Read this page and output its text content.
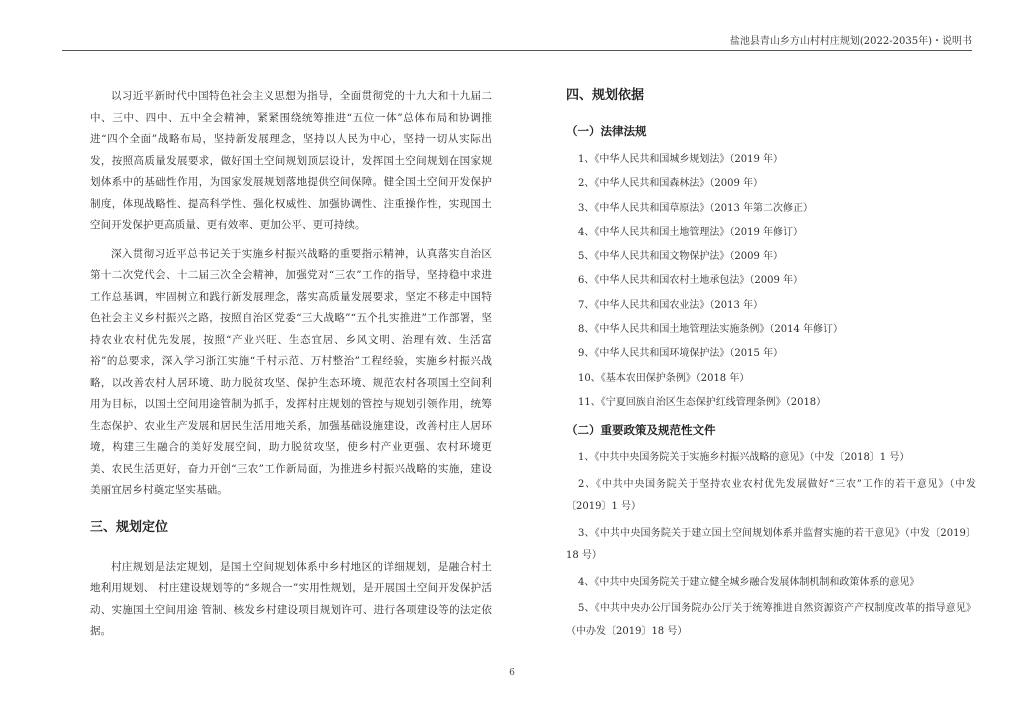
盐池县青山乡方山村村庄规划(2022-2035年)・说明书

以习近平新时代中国特色社会主义思想为指导，全面贯彻党的十九大和十九届二中、三中、四中、五中全会精神，紧紧围绕统筹推进“五位一体”总体布局和协调推进“四个全面”战略布局，坚持新发展理念，坚持以人民为中心，坚持一切从实际出发，按照高质量发展要求，做好国土空间规划顶层设计，发挥国土空间规划在国家规划体系中的基础性作用，为国家发展规划落地提供空间保障。健全国土空间开发保护制度，体现战略性、提高科学性、强化权威性、加强协调性、注重操作性，实现国土空间开发保护更高质量、更有效率、更加公平、更可持续。

深入贯彻习近平总书记关于实施乡村振兴战略的重要指示精神，认真落实自治区第十二次党代会、十二届三次全会精神，加强党对“三农”工作的指导，坚持稳中求进工作总基调，牢固树立和践行新发展理念，落实高质量发展要求，坚定不移走中国特色社会主义乡村振兴之路，按照自治区党委“三大战略”“五个扎实推进”工作部署，坚持农业农村优先发展，按照“产业兴旺、生态宜居、乡风文明、治理有效、生活富裕”的总要求，深入学习浙江实施“千村示范、万村整治”工程经验，实施乡村振兴战略，以改善农村人居环境、助力脱贫攻坚、保护生态环境、规范农村各项国土空间利用为目标，以国土空间用途管制为抓手，发挥村庄规划的管控与规划引领作用，统筹生态保护、农业生产发展和居民生活用地关系，加强基础设施建设，改善村庄人居环境，构建三生融合的美好发展空间，助力脱贫攻坚，使乡村产业更强、农村环境更美、农民生活更好，奋力开创“三农”工作新局面，为推进乡村振兴战略的实施，建设美丽宜居乡村奠定坚实基础。

三、规划定位

村庄规划是法定规划，是国土空间规划体系中乡村地区的详细规划，是融合村土地利用规划、 村庄建设规划等的“多规合一”实用性规划，是开展国土空间开发保护活动、实施国土空间用途 管制、核发乡村建设项目规划许可、进行各项建设等的法定依据。

四、规划依据
（一）法律法规
1、《中华人民共和国城乡规划法》（2019 年）
2、《中华人民共和国森林法》（2009 年）
3、《中华人民共和国草原法》（2013 年第二次修正）
4、《中华人民共和国土地管理法》（2019 年修订）
5、《中华人民共和国文物保护法》（2009 年）
6、《中华人民共和国农村土地承包法》（2009 年）
7、《中华人民共和国农业法》（2013 年）
8、《中华人民共和国土地管理法实施条例》（2014 年修订）
9、《中华人民共和国环境保护法》（2015 年）
10、《基本农田保护条例》（2018 年）
11、《宁夏回族自治区生态保护红线管理条例》（2018）
（二）重要政策及规范性文件
1、《中共中央国务院关于实施乡村振兴战略的意见》（中发〔2018〕1 号）
2、《中共中央国务院关于坚持农业农村优先发展做好“三农”工作的若干意见》（中发〔2019〕1 号）
3、《中共中央国务院关于建立国土空间规划体系并监督实施的若干意见》（中发〔2019〕18 号）
4、《中共中央国务院关于建立健全城乡融合发展体制机制和政策体系的意见》
5、《中共中央办公厅国务院办公厅关于统筹推进自然资源资产产权制度改革的指导意见》（中办发〔2019〕18 号）
6
